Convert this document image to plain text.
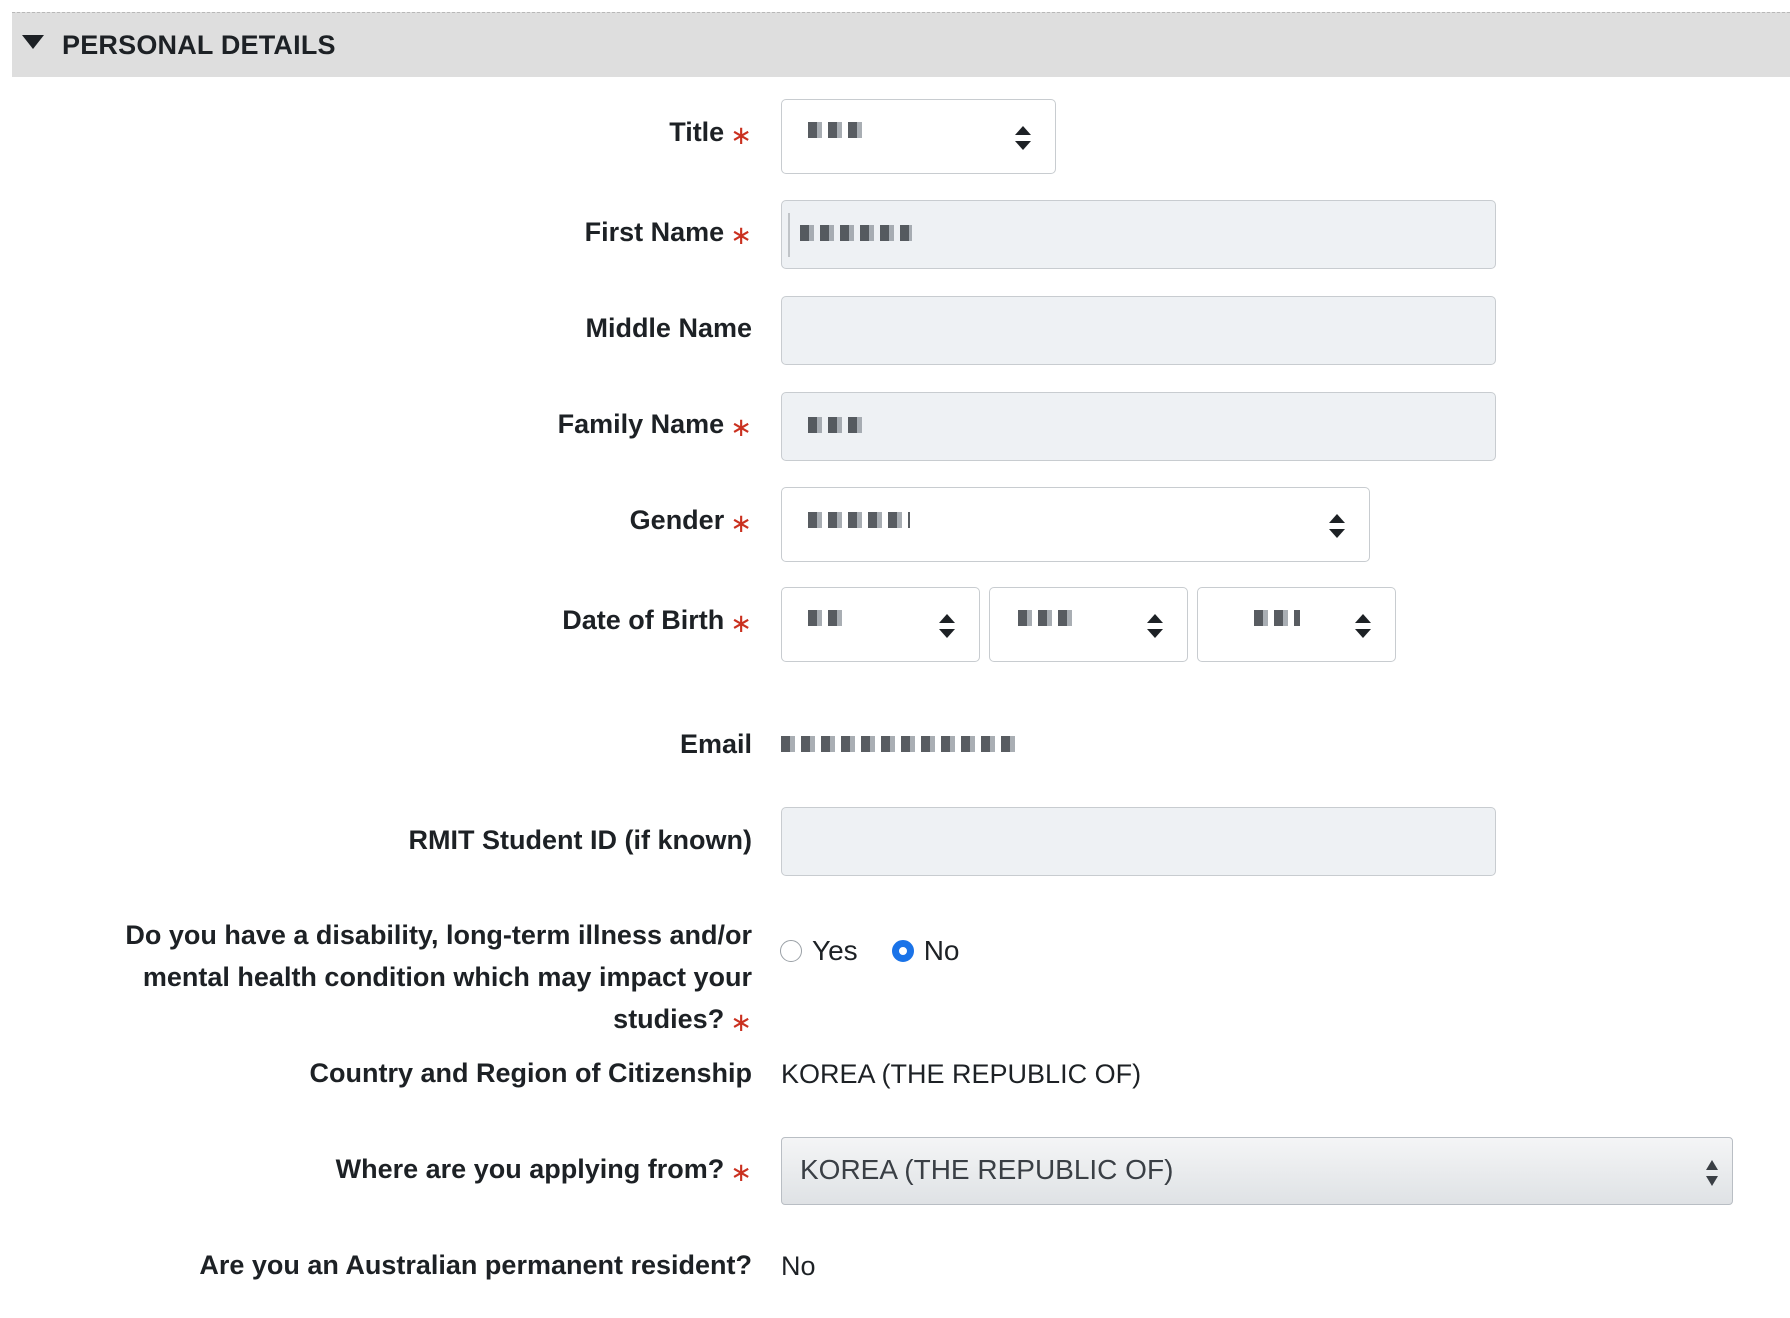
PERSONAL DETAILS
Title ∗
First Name ∗
Middle Name
Family Name ∗
Gender ∗
Date of Birth ∗
Email
RMIT Student ID (if known)
Do you have a disability, long-term illness and/or mental health condition which may impact your studies? ∗
Yes No
Country and Region of Citizenship KOREA (THE REPUBLIC OF)
Where are you applying from? ∗ KOREA (THE REPUBLIC OF)
Are you an Australian permanent resident? No
